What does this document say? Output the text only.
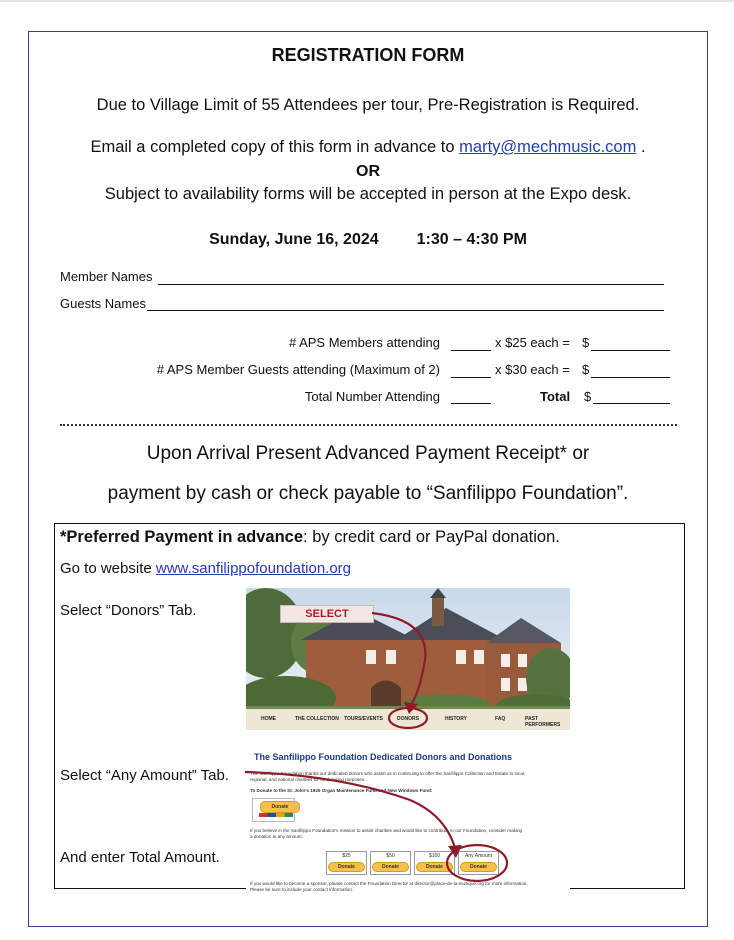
REGISTRATION FORM
Due to Village Limit of 55 Attendees per tour, Pre-Registration is Required.
Email a completed copy of this form in advance to marty@mechmusic.com .
OR
Subject to availability forms will be accepted in person at the Expo desk.
Sunday, June 16, 2024 1:30 – 4:30 PM
Member Names
Guests Names
# APS Members attending	x $25 each = $
# APS Member Guests attending (Maximum of 2)	x $30 each = $
Total Number Attending	Total $
Upon Arrival Present Advanced Payment Receipt* or
payment by cash or check payable to “Sanfilippo Foundation”.
*Preferred Payment in advance: by credit card or PayPal donation.
Go to website www.sanfilippofoundation.org
Select “Donors” Tab.
Select “Any Amount” Tab.
And enter Total Amount.
SELECT
HOME	THE COLLECTION TOURS/EVENTS	DONORS	HISTORY	FAQ	PAST PERFORMERS
The Sanfilippo Foundation Dedicated Donors and Donations
The Sanfilippo Foundation thanks our dedicated donors who assist us in continuing to offer the Sanfilippo Collection and Estate to local,
regional, and national charities for fund raising purposes.
To Donate to the St. John's 1925 Organ Maintenance Fund and New Windows Fund:
Donate
If you believe in the Sanfilippo Foundation's mission to assist charities and would like to contribute to our Foundation, consider making
a donation in any amount:
$25
Donate
$50
Donate
$100
Donate
Any Amount
Donate
If you would like to become a sponsor, please contact the Foundation Director at director@place-de-la-musique.org for more information.
Please be sure to include your contact information.
